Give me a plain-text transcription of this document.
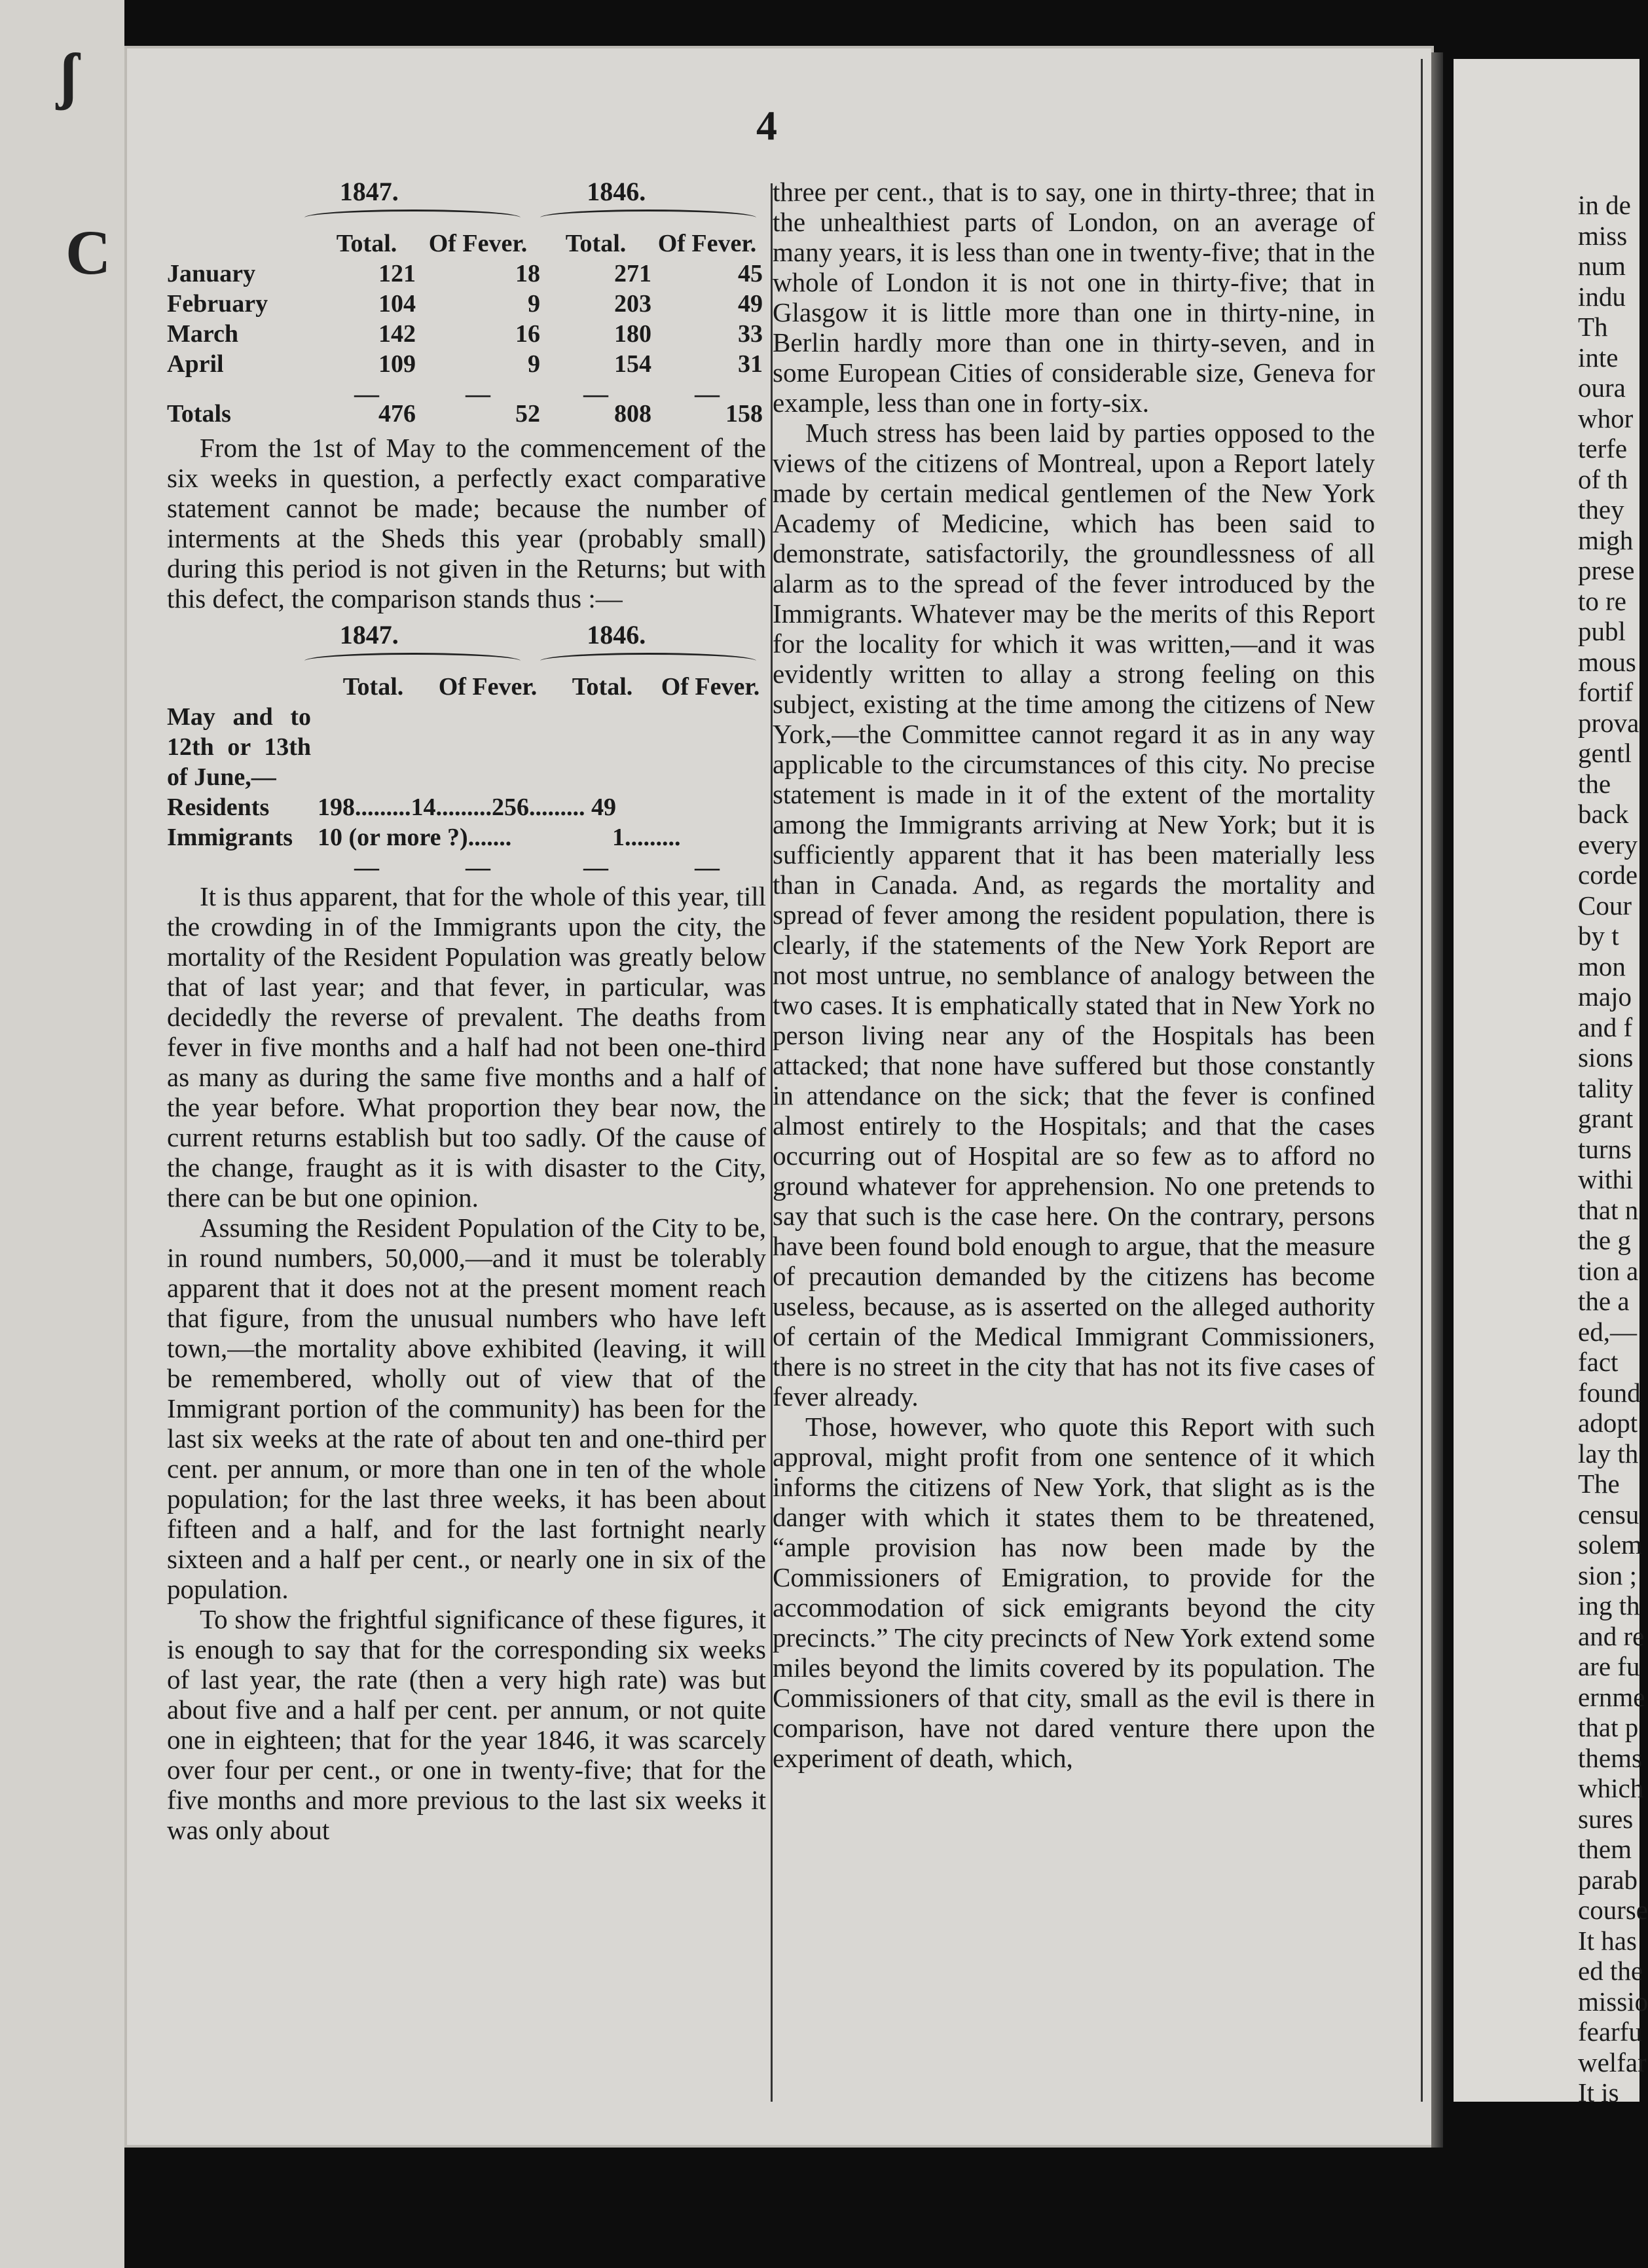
ʃ
C
4
1847.	1846.
Total.	Of Fever.	Total.	Of Fever.
January	121	18	271	45
February	104	9	203	49
March	142	16	180	33
April	109	9	154	31
—	—	—	—
Totals	476	52	808	158

From the 1st of May to the commencement of the six weeks in question, a perfectly exact comparative statement cannot be made; because the number of interments at the Sheds this year (probably small) during this period is not given in the Returns; but with this defect, the comparison stands thus :—

1847.	1846.
Total.	Of Fever.	Total.	Of Fever.
May and to 12th or 13th of June,—
Residents	198.........14.........256......... 49
Immigrants 10 (or more ?).......	1.........
—	—	—	—

It is thus apparent, that for the whole of this year, till the crowding in of the Immigrants upon the city, the mortality of the Resident Population was greatly below that of last year; and that fever, in particular, was decidedly the reverse of prevalent. The deaths from fever in five months and a half had not been one-third as many as during the same five months and a half of the year before. What proportion they bear now, the current returns establish but too sadly. Of the cause of the change, fraught as it is with disaster to the City, there can be but one opinion.

Assuming the Resident Population of the City to be, in round numbers, 50,000,—and it must be tolerably apparent that it does not at the present moment reach that figure, from the unusual numbers who have left town,—the mortality above exhibited (leaving, it will be remembered, wholly out of view that of the Immigrant portion of the community) has been for the last six weeks at the rate of about ten and one-third per cent. per annum, or more than one in ten of the whole population; for the last three weeks, it has been about fifteen and a half, and for the last fortnight nearly sixteen and a half per cent., or nearly one in six of the population.

To show the frightful significance of these figures, it is enough to say that for the corresponding six weeks of last year, the rate (then a very high rate) was but about five and a half per cent. per annum, or not quite one in eighteen; that for the year 1846, it was scarcely over four per cent., or one in twenty-five; that for the five months and more previous to the last six weeks it was only about

three per cent., that is to say, one in thirty-three; that in the unhealthiest parts of London, on an average of many years, it is less than one in twenty-five; that in the whole of London it is not one in thirty-five; that in Glasgow it is little more than one in thirty-nine, in Berlin hardly more than one in thirty-seven, and in some European Cities of considerable size, Geneva for example, less than one in forty-six.

Much stress has been laid by parties opposed to the views of the citizens of Montreal, upon a Report lately made by certain medical gentlemen of the New York Academy of Medicine, which has been said to demonstrate, satisfactorily, the groundlessness of all alarm as to the spread of the fever introduced by the Immigrants. Whatever may be the merits of this Report for the locality for which it was written,—and it was evidently written to allay a strong feeling on this subject, existing at the time among the citizens of New York,—the Committee cannot regard it as in any way applicable to the circumstances of this city. No precise statement is made in it of the extent of the mortality among the Immigrants arriving at New York; but it is sufficiently apparent that it has been materially less than in Canada. And, as regards the mortality and spread of fever among the resident population, there is clearly, if the statements of the New York Report are not most untrue, no semblance of analogy between the two cases. It is emphatically stated that in New York no person living near any of the Hospitals has been attacked; that none have suffered but those constantly in attendance on the sick; that the fever is confined almost entirely to the Hospitals; and that the cases occurring out of Hospital are so few as to afford no ground whatever for apprehension. No one pretends to say that such is the case here. On the contrary, persons have been found bold enough to argue, that the measure of precaution demanded by the citizens has become useless, because, as is asserted on the alleged authority of certain of the Medical Immigrant Commissioners, there is no street in the city that has not its five cases of fever already.

Those, however, who quote this Report with such approval, might profit from one sentence of it which informs the citizens of New York, that slight as is the danger with which it states them to be threatened, “ample provision has now been made by the Commissioners of Emigration, to provide for the accommodation of sick emigrants beyond the city precincts.” The city precincts of New York extend some miles beyond the limits covered by its population. The Commissioners of that city, small as the evil is there in comparison, have not dared venture there upon the experiment of death, which,

in de
miss
num
indu
Th
inte
oura
whor
terfe
of th
they
migh
prese
to re
publ
mous
fortif
prova
gentl
the
back
every
corde
Cour
by t
mon
majo
and f
sions
tality
grant
turns
withi
that n
the g
tion a
the a
ed,—
fact
found
adopt
lay th
The
censu
solem
sion ;
ing th
and re
are fu
ernme
that p
thems
which
sures
them
parab
course
It has
ed the
missio
fearfu
welfar
It is
